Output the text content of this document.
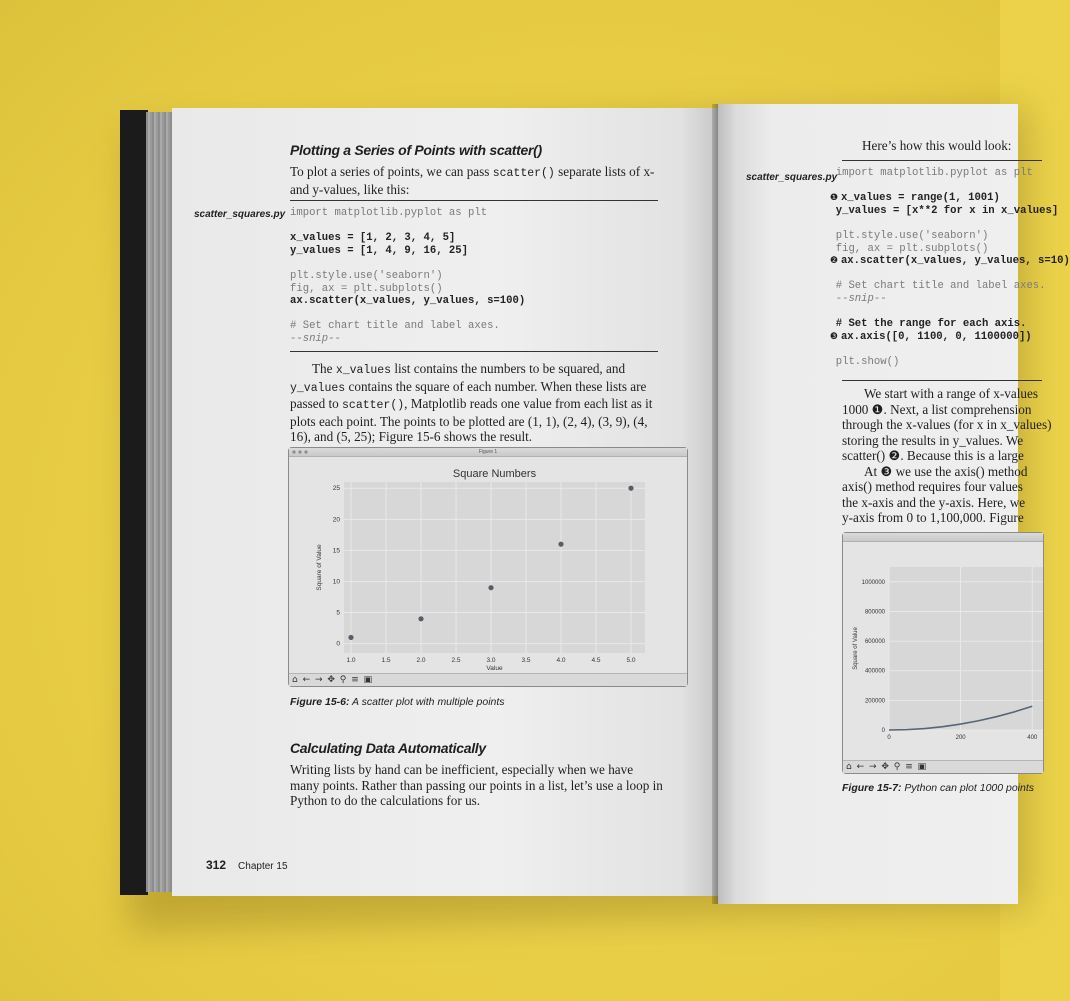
Plotting a Series of Points with scatter()
To plot a series of points, we can pass scatter() separate lists of x- and y-values, like this:
scatter_squares.py import matplotlib.pyplot as plt
x_values = [1, 2, 3, 4, 5]
y_values = [1, 4, 9, 16, 25]
plt.style.use('seaborn')
fig, ax = plt.subplots()
ax.scatter(x_values, y_values, s=100)
# Set chart title and label axes.
--snip--
The x_values list contains the numbers to be squared, and y_values contains the square of each number. When these lists are passed to scatter(), Matplotlib reads one value from each list as it plots each point. The points to be plotted are (1, 1), (2, 4), (3, 9), (4, 16), and (5, 25); Figure 15-6 shows the result.
Figure 1
1.0	1.5	2.0	2.5	3.0	3.5	4.0	4.5	5.0
0
5
10
15
20
25
Square Numbers
Value
Square of Value
⌂ ← → ✥ ⚲ ≡ ▣
Figure 15-6: A scatter plot with multiple points
Calculating Data Automatically
Writing lists by hand can be inefficient, especially when we have many points. Rather than passing our points in a list, let’s use a loop in Python to do the calculations for us.
312 Chapter 15
Here’s how this would look:
scatter_squares.py
import matplotlib.pyplot as plt

❶ x_values = range(1, 1001)
y_values = [x**2 for x in x_values]

plt.style.use('seaborn')
fig, ax = plt.subplots()
❷ ax.scatter(x_values, y_values, s=10)

# Set chart title and label axes.
--snip--

# Set the range for each axis.
❸ ax.axis([0, 1100, 0, 1100000])

plt.show()
We start with a range of x-values
1000 ❶. Next, a list comprehension
through the x-values (for x in x_values)
storing the results in y_values. We
scatter() ❷. Because this is a large
At ❸ we use the axis() method
axis() method requires four values
the x-axis and the y-axis. Here, we
y-axis from 0 to 1,100,000. Figure
0	200	400
0
200000
400000
600000
800000
1000000
Square of Value
⌂ ← → ✥ ⚲ ≡ ▣
Figure 15-7: Python can plot 1000 points
